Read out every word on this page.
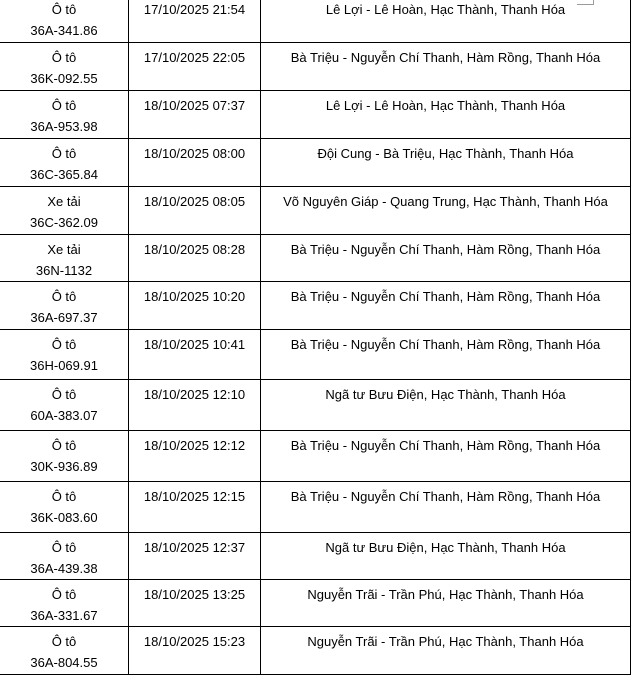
Ô tô
36A-341.86	17/10/2025 21:54	Lê Lợi - Lê Hoàn, Hạc Thành, Thanh Hóa

Ô tô
36K-092.55	17/10/2025 22:05	Bà Triệu - Nguyễn Chí Thanh, Hàm Rồng, Thanh Hóa

Ô tô
36A-953.98	18/10/2025 07:37	Lê Lợi - Lê Hoàn, Hạc Thành, Thanh Hóa

Ô tô
36C-365.84	18/10/2025 08:00	Đội Cung - Bà Triệu, Hạc Thành, Thanh Hóa

Xe tải
36C-362.09	18/10/2025 08:05	Võ Nguyên Giáp - Quang Trung, Hạc Thành, Thanh Hóa

Xe tải
36N-1132	18/10/2025 08:28	Bà Triệu - Nguyễn Chí Thanh, Hàm Rồng, Thanh Hóa

Ô tô
36A-697.37	18/10/2025 10:20	Bà Triệu - Nguyễn Chí Thanh, Hàm Rồng, Thanh Hóa

Ô tô
36H-069.91	18/10/2025 10:41	Bà Triệu - Nguyễn Chí Thanh, Hàm Rồng, Thanh Hóa

Ô tô
60A-383.07	18/10/2025 12:10	Ngã tư Bưu Điện, Hạc Thành, Thanh Hóa

Ô tô
30K-936.89	18/10/2025 12:12	Bà Triệu - Nguyễn Chí Thanh, Hàm Rồng, Thanh Hóa

Ô tô
36K-083.60	18/10/2025 12:15	Bà Triệu - Nguyễn Chí Thanh, Hàm Rồng, Thanh Hóa

Ô tô
36A-439.38	18/10/2025 12:37	Ngã tư Bưu Điện, Hạc Thành, Thanh Hóa

Ô tô
36A-331.67	18/10/2025 13:25	Nguyễn Trãi - Trần Phú, Hạc Thành, Thanh Hóa

Ô tô
36A-804.55	18/10/2025 15:23	Nguyễn Trãi - Trần Phú, Hạc Thành, Thanh Hóa
